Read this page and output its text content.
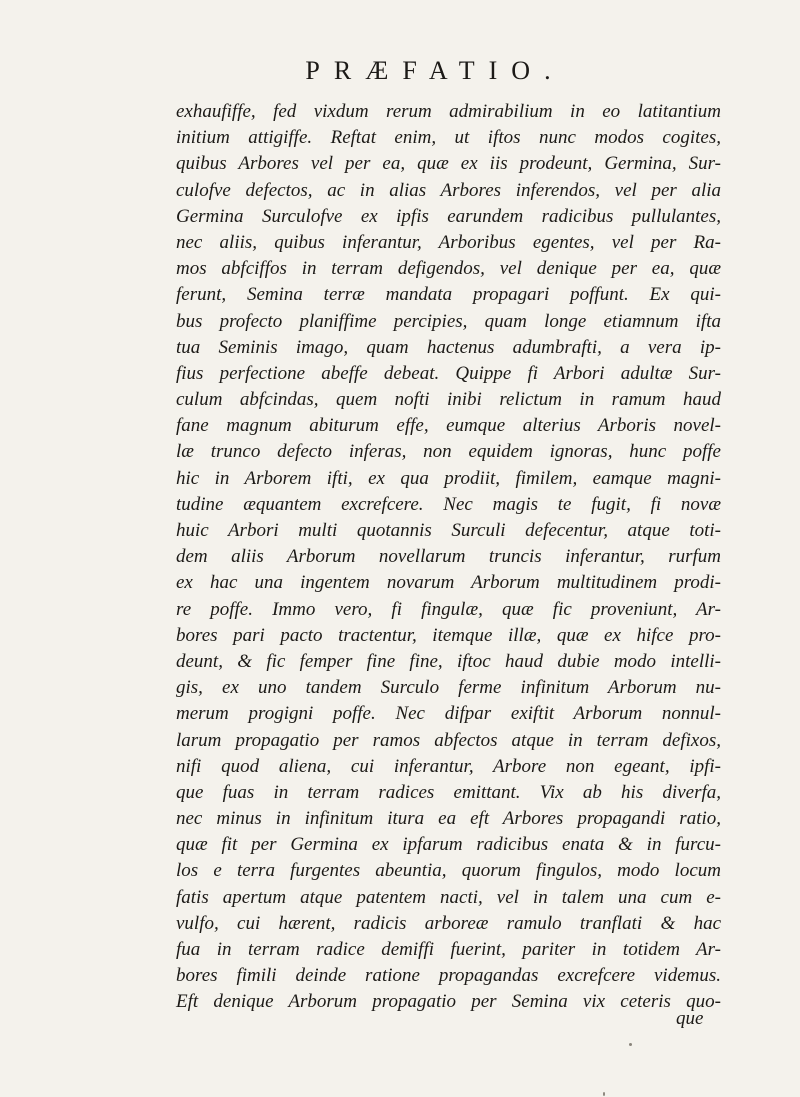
PRÆFATIO.
exhaufiffe, fed vixdum rerum admirabilium in eo latitantium
initium attigiffe. Reftat enim, ut iftos nunc modos cogites,
quibus Arbores vel per ea, quæ ex iis prodeunt, Germina, Sur-
culofve defectos, ac in alias Arbores inferendos, vel per alia
Germina Surculofve ex ipfis earundem radicibus pullulantes,
nec aliis, quibus inferantur, Arboribus egentes, vel per Ra-
mos abfciffos in terram defigendos, vel denique per ea, quæ
ferunt, Semina terræ mandata propagari poffunt. Ex qui-
bus profecto planiffime percipies, quam longe etiamnum ifta
tua Seminis imago, quam hactenus adumbrafti, a vera ip-
fius perfectione abeffe debeat. Quippe fi Arbori adultæ Sur-
culum abfcindas, quem nofti inibi relictum in ramum haud
fane magnum abiturum effe, eumque alterius Arboris novel-
læ trunco defecto inferas, non equidem ignoras, hunc poffe
hic in Arborem ifti, ex qua prodiit, fimilem, eamque magni-
tudine æquantem excrefcere. Nec magis te fugit, fi novæ
huic Arbori multi quotannis Surculi defecentur, atque toti-
dem aliis Arborum novellarum truncis inferantur, rurfum
ex hac una ingentem novarum Arborum multitudinem prodi-
re poffe. Immo vero, fi fingulæ, quæ fic proveniunt, Ar-
bores pari pacto tractentur, itemque illæ, quæ ex hifce pro-
deunt, & fic femper fine fine, iftoc haud dubie modo intelli-
gis, ex uno tandem Surculo ferme infinitum Arborum nu-
merum progigni poffe. Nec difpar exiftit Arborum nonnul-
larum propagatio per ramos abfectos atque in terram defixos,
nifi quod aliena, cui inferantur, Arbore non egeant, ipfi-
que fuas in terram radices emittant. Vix ab his diverfa,
nec minus in infinitum itura ea eft Arbores propagandi ratio,
quæ fit per Germina ex ipfarum radicibus enata & in furcu-
los e terra furgentes abeuntia, quorum fingulos, modo locum
fatis apertum atque patentem nacti, vel in talem una cum e-
vulfo, cui hærent, radicis arboreæ ramulo tranflati & hac
fua in terram radice demiffi fuerint, pariter in totidem Ar-
bores fimili deinde ratione propagandas excrefcere videmus.
Eft denique Arborum propagatio per Semina vix ceteris quo-
que
